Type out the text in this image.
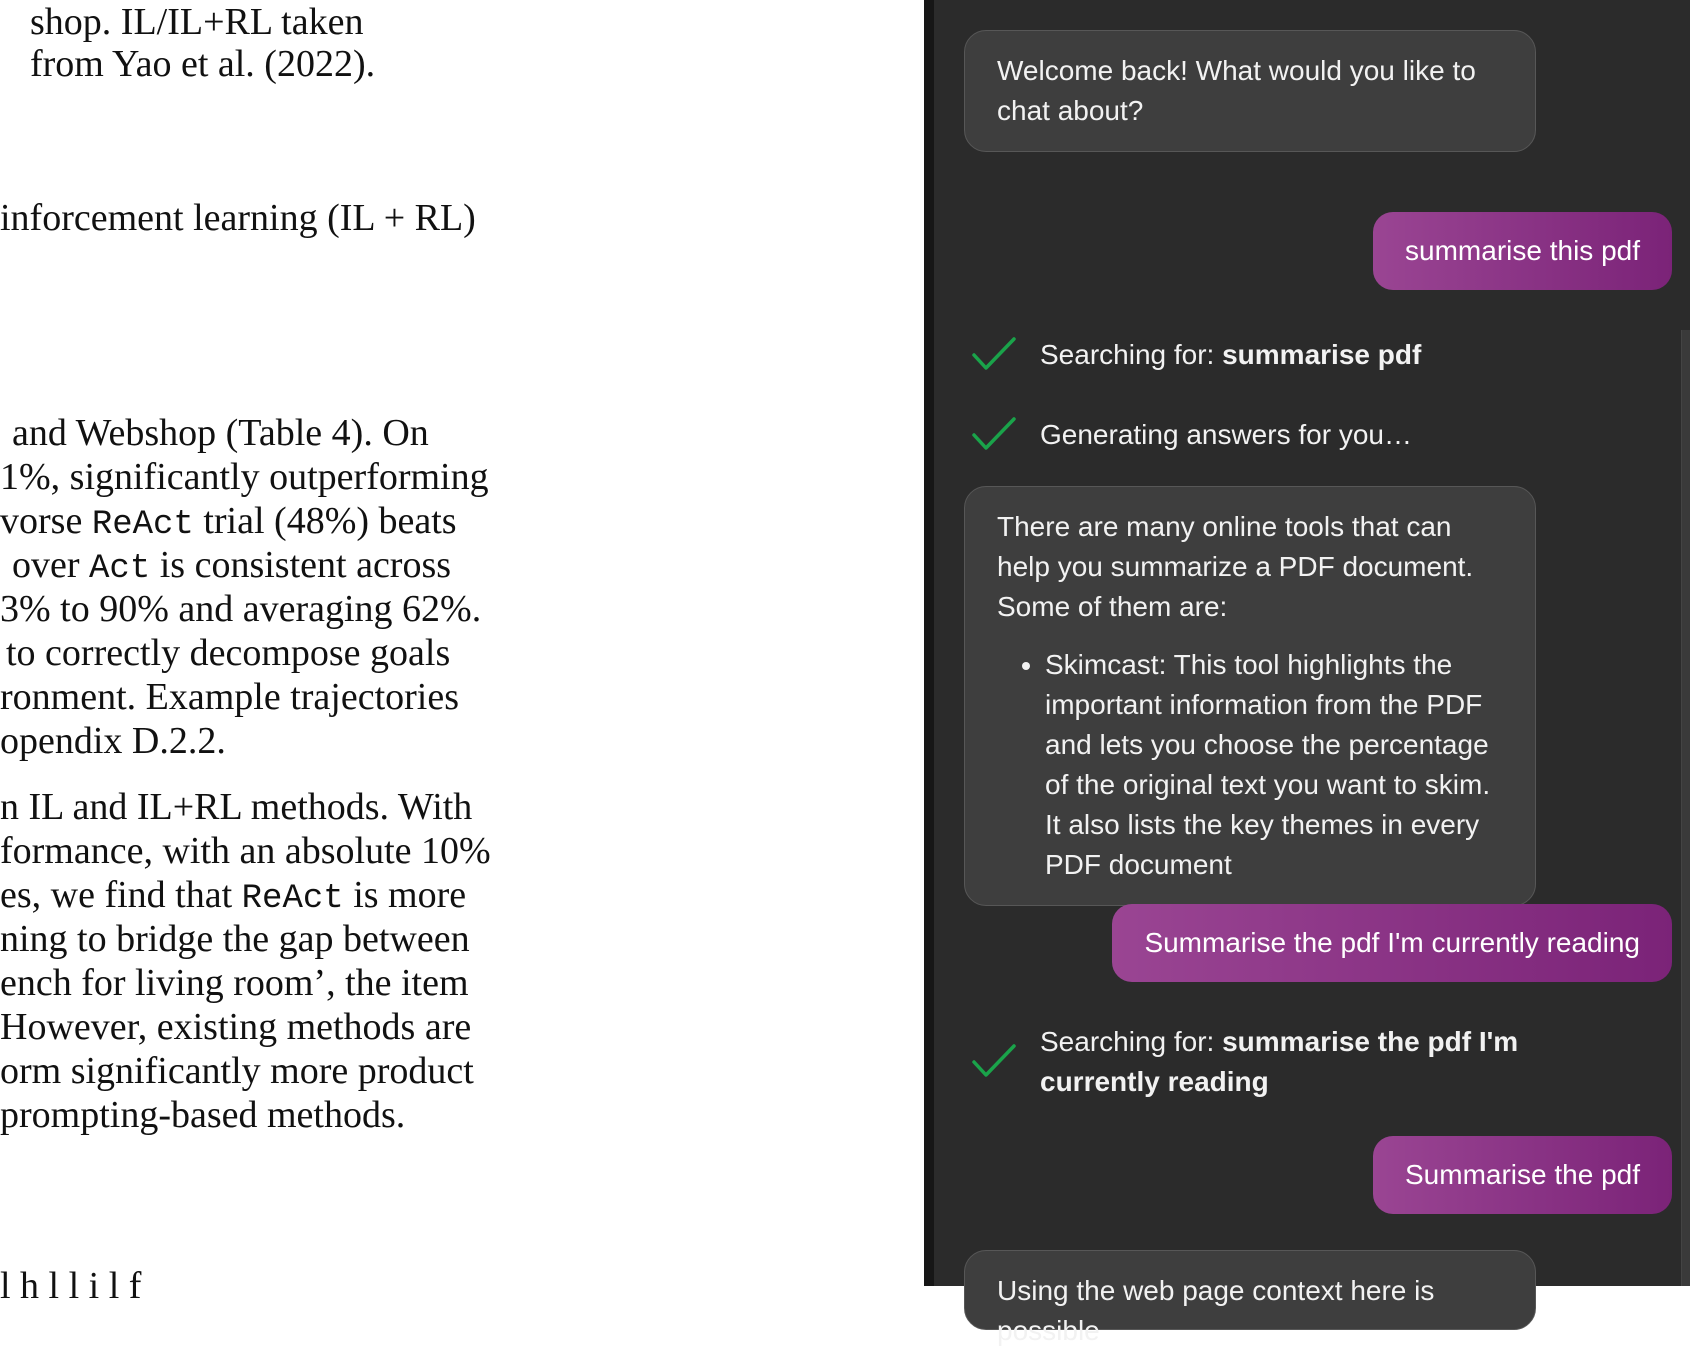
shop. IL/IL+RL taken
from Yao et al. (2022).
inforcement learning (IL + RL)
and Webshop (Table 4). On
1%, significantly outperforming
vorse ReAct trial (48%) beats
over Act is consistent across
3% to 90% and averaging 62%.
to correctly decompose goals
ronment. Example trajectories
opendix D.2.2.
n IL and IL+RL methods. With
formance, with an absolute 10%
es, we find that ReAct is more
ning to bridge the gap between
ench for living room’, the item
However, existing methods are
orm significantly more product
prompting-based methods.
l h l l i l f
Welcome back! What would you like to chat about?
summarise this pdf
Searching for: summarise pdf
Generating answers for you…
There are many online tools that can help you summarize a PDF document. Some of them are:
• Skimcast: This tool highlights the important information from the PDF and lets you choose the percentage of the original text you want to skim. It also lists the key themes in every PDF document
Summarise the pdf I'm currently reading
Searching for: summarise the pdf I'm currently reading
Summarise the pdf
Using the web page context here is possible
